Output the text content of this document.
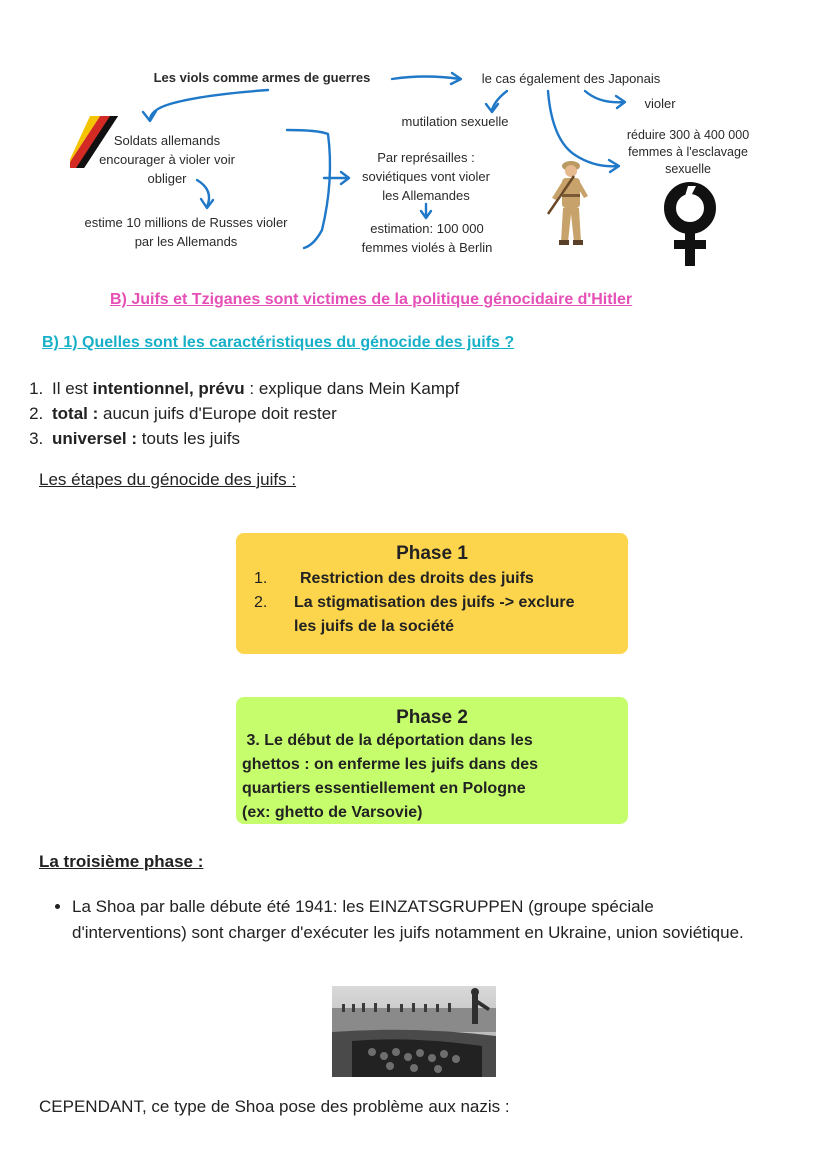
Les viols comme armes de guerres	le cas également des Japonais
violer
mutilation sexuelle
Soldats allemands encourager à violer voir obliger
estime 10 millions de Russes violer par les Allemands
Par représailles : soviétiques vont violer les Allemandes
estimation: 100 000 femmes violés à Berlin
réduire 300 à 400 000 femmes à l'esclavage sexuelle
B) Juifs et Tziganes sont victimes de la politique génocidaire d'Hitler
B) 1) Quelles sont les caractéristiques du génocide des juifs ?
1. Il est intentionnel, prévu : explique dans Mein Kampf
2. total : aucun juifs d'Europe doit rester
3. universel : touts les juifs
Les étapes du génocide des juifs :
Phase 1
1. Restriction des droits des juifs
2. La stigmatisation des juifs -> exclure
les juifs de la société
Phase 2
3. Le début de la déportation dans les
ghettos : on enferme les juifs dans des
quartiers essentiellement en Pologne
(ex: ghetto de Varsovie)
La troisième phase :
• La Shoa par balle débute été 1941: les EINZATSGRUPPEN (groupe spéciale d'interventions) sont charger d'exécuter les juifs notamment en Ukraine, union soviétique.
CEPENDANT, ce type de Shoa pose des problème aux nazis :
